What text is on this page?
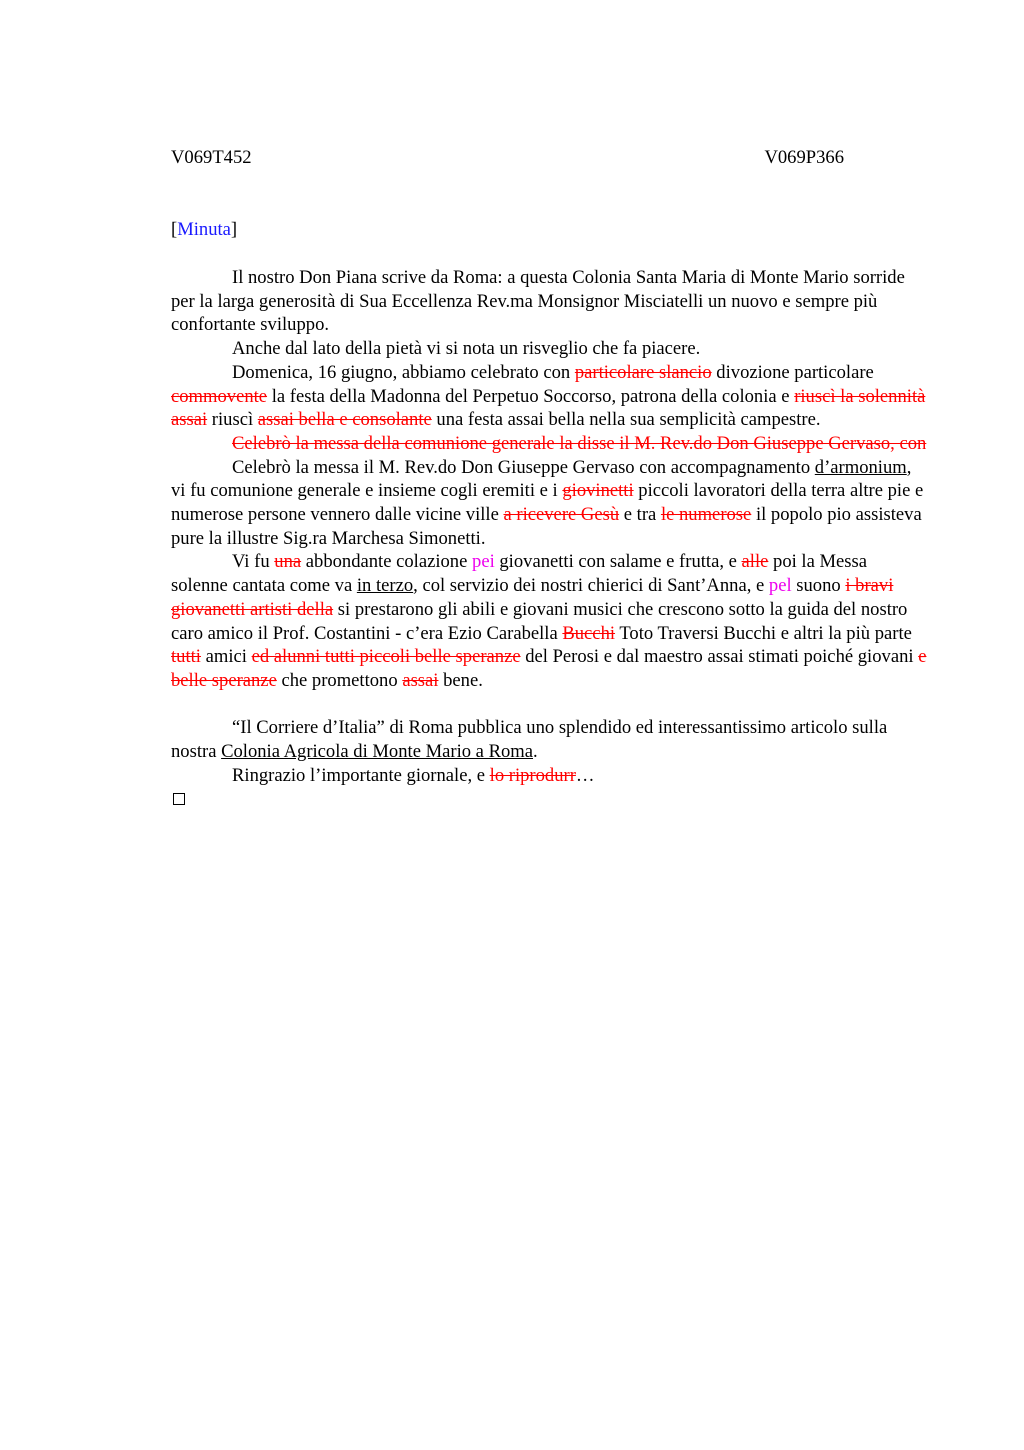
V069T452	V069P366
[Minuta]

Il nostro Don Piana scrive da Roma: a questa Colonia Santa Maria di Monte Mario sorride per la larga generosità di Sua Eccellenza Rev.ma Monsignor Misciatelli un nuovo e sempre più confortante sviluppo.

Anche dal lato della pietà vi si nota un risveglio che fa piacere.

Domenica, 16 giugno, abbiamo celebrato con particolare slancio divozione particolare commovente la festa della Madonna del Perpetuo Soccorso, patrona della colonia e riuscì la solennità assai riuscì assai bella e consolante una festa assai bella nella sua semplicità campestre.

Celebrò la messa della comunione generale la disse il M. Rev.do Don Giuseppe Gervaso, con

Celebrò la messa il M. Rev.do Don Giuseppe Gervaso con accompagnamento d’armonium, vi fu comunione generale e insieme cogli eremiti e i giovinetti piccoli lavoratori della terra altre pie e numerose persone vennero dalle vicine ville a ricevere Gesù e tra le numerose il popolo pio assisteva pure la illustre Sig.ra Marchesa Simonetti.

Vi fu una abbondante colazione pei giovanetti con salame e frutta, e alle poi la Messa solenne cantata come va in terzo, col servizio dei nostri chierici di Sant’Anna, e pel suono i bravi giovanetti artisti della si prestarono gli abili e giovani musici che crescono sotto la guida del nostro caro amico il Prof. Costantini - c’era Ezio Carabella Bucchi Toto Traversi Bucchi e altri la più parte tutti amici ed alunni tutti piccoli belle speranze del Perosi e dal maestro assai stimati poiché giovani e belle speranze che promettono assai bene.

“Il Corriere d’Italia” di Roma pubblica uno splendido ed interessantissimo articolo sulla nostra Colonia Agricola di Monte Mario a Roma.

Ringrazio l’importante giornale, e lo riprodurr…
